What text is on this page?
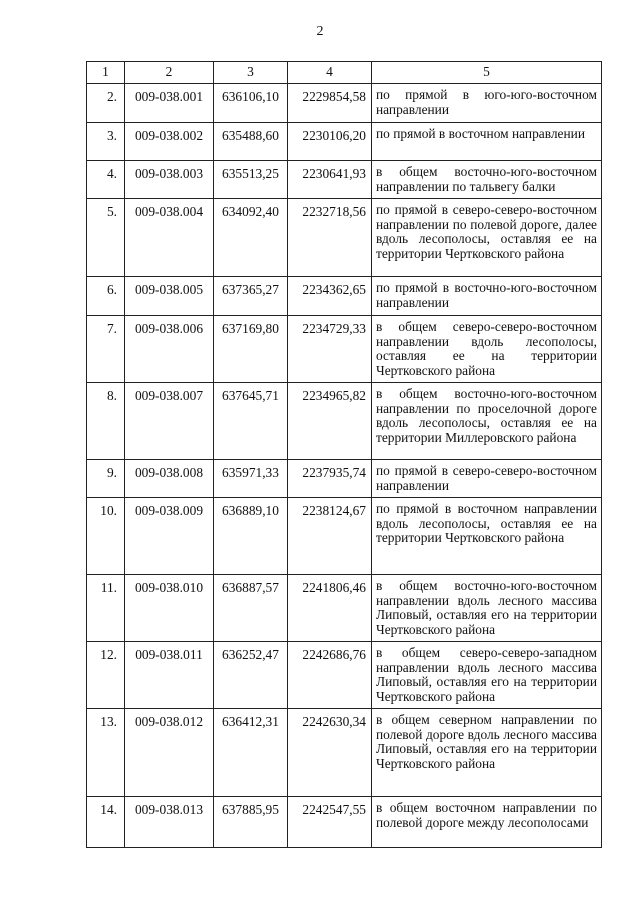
2
1	2	3	4	5
2.	009-038.001	636106,10	2229854,58	по прямой в юго-юго-восточном направлении
3.	009-038.002	635488,60	2230106,20	по прямой в восточном направлении
4.	009-038.003	635513,25	2230641,93	в общем восточно-юго-восточном направлении по тальвегу балки
5.	009-038.004	634092,40	2232718,56	по прямой в северо-северо-восточном направлении по полевой дороге, далее вдоль лесополосы, оставляя ее на территории Чертковского района
6.	009-038.005	637365,27	2234362,65	по прямой в восточно-юго-восточном направлении
7.	009-038.006	637169,80	2234729,33	в общем северо-северо-восточном направлении вдоль лесополосы, оставляя ее на территории Чертковского района
8.	009-038.007	637645,71	2234965,82	в общем восточно-юго-восточном направлении по проселочной дороге вдоль лесополосы, оставляя ее на территории Миллеровского района
9.	009-038.008	635971,33	2237935,74	по прямой в северо-северо-восточном направлении
10.	009-038.009	636889,10	2238124,67	по прямой в восточном направлении вдоль лесополосы, оставляя ее на территории Чертковского района
11.	009-038.010	636887,57	2241806,46	в общем восточно-юго-восточном направлении вдоль лесного массива Липовый, оставляя его на территории Чертковского района
12.	009-038.011	636252,47	2242686,76	в общем северо-северо-западном направлении вдоль лесного массива Липовый, оставляя его на территории Чертковского района
13.	009-038.012	636412,31	2242630,34	в общем северном направлении по полевой дороге вдоль лесного массива Липовый, оставляя его на территории Чертковского района
14.	009-038.013	637885,95	2242547,55	в общем восточном направлении по полевой дороге между лесополосами
